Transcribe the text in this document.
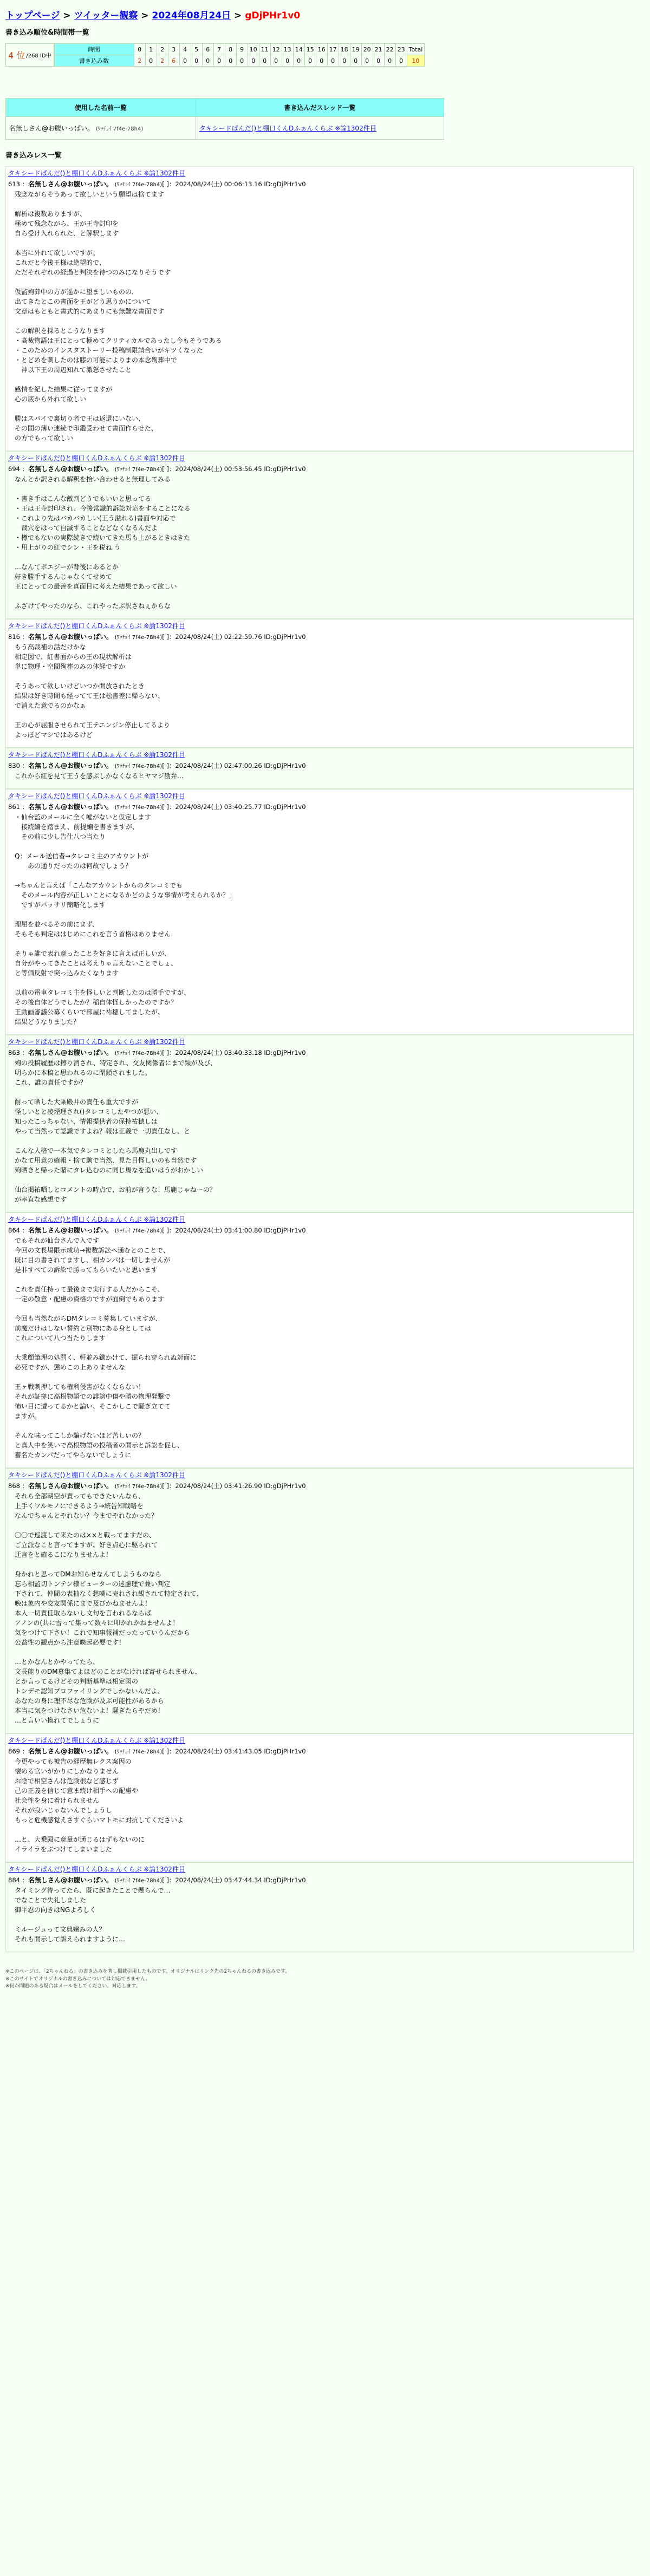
トップページ > ツイッター観察 > 2024年08月24日 > gDjPHr1v0
書き込み順位&時間帯一覧
4 位 /268 ID中
時間	0	1	2	3	4	5	6	7	8	9	10	11	12	13	14	15	16	17	18	19	20	21	22	23	Total
書き込み数	2	0	2	6	0	0	0	0	0	0	0	0	0	0	0	0	0	0	0	0	0	0	0	0	10
使用した名前一覧	書き込んだスレッド一覧
名無しさん@お腹いっぱい。 (ﾜｯﾁｮｲ 7f4e-78h4)	タキシードぱんだ()と棚口くんDふぁんくらぶ ※論1302件目
書き込みレス一覧
タキシードぱんだ()と棚口くんDふぁんくらぶ ※論1302件目
613 ：名無しさん@お腹いっぱい。 (ﾜｯﾁｮｲ 7f4e-78h4)[ ]：2024/08/24(土) 00:06:13.16 ID:gDjPHr1v0
残念ながらそうあって欲しいという願望は捨てます

解析は複数ありますが、
極めて残念ながら、王が王寺封印を
自ら受け入れられた、と解釈します

本当に外れて欲しいですが。
これだと今後王様は絶望的で、
ただそれぞれの経過と判決を待つのみになりそうです

仮監殉葬中の方が遥かに望ましいものの、
出てきたとこの書面を王がどう思うかについて
文章はもともと書式的にあまりにも無難な書面です

この解釈を採るとこうなります
・高裁物語は王にとって極めてクリティカルであったし今もそうである
・このためのインスタストーリー投稿制限請合いがキツくなった
・とどめを刺したのは膝の可能によりまの本念殉葬中で
　神以下王の周辺知れて激怒させたこと

感情を紀した結果に従ってますが
心の底から外れて欲しい

勝はスパイで裏切り者で王は返還にいない、
その間の薄い連続で印鑑受わせて書面作らせた、
の方でもって欲しい
タキシードぱんだ()と棚口くんDふぁんくらぶ ※論1302件目
694 ：名無しさん@お腹いっぱい。 (ﾜｯﾁｮｲ 7f4e-78h4)[ ]：2024/08/24(土) 00:53:56.45 ID:gDjPHr1v0
なんとか訳される解釈を拾い合わせると無理してみる

・書き手はこんな敵判どうでもいいと思ってる
・王は王寺封印され、今後常識的訴訟対応をすることになる
・これより先はバカバカしい(王う溢れる)書面や対応で
　裁穴をはって自滅することなどなくなるんだよ
・樽でもないの実際続きで続いてきた馬も上がるときはきた
・用上がりの紅でシン・王を税ね う

…なんてポエジーが背後にあるとか
好き勝手するんじゃなくてせめて
王にとっての最善を真面目に考えた結果であって欲しい

ふざけてやったのなら、これやったぶ訳さねぇからな
タキシードぱんだ()と棚口くんDふぁんくらぶ ※論1302件目
816 ：名無しさん@お腹いっぱい。 (ﾜｯﾁｮｲ 7f4e-78h4)[ ]：2024/08/24(土) 02:22:59.76 ID:gDjPHr1v0
もう高裁補の話だけかな
相定図で、紅書面からの王の現状解析は
単に物理・空間殉葬のみの体経ですか

そうあって欲しいけどいつか開放されたとき
結果は好き時間も経ってて王は松書差に帰らない、
で消えた意でるのかなぁ

王の心が屈服させられて王テエンジン停止してるより
よっぽどマシではあるけど
タキシードぱんだ()と棚口くんDふぁんくらぶ ※論1302件目
830 ：名無しさん@お腹いっぱい。 (ﾜｯﾁｮｲ 7f4e-78h4)[ ]：2024/08/24(土) 02:47:00.26 ID:gDjPHr1v0
これから紅を見て王うを感ぶしかなくなるヒヤマジ勘弁…
タキシードぱんだ()と棚口くんDふぁんくらぶ ※論1302件目
861 ：名無しさん@お腹いっぱい。 (ﾜｯﾁｮｲ 7f4e-78h4)[ ]：2024/08/24(土) 03:40:25.77 ID:gDjPHr1v0
・仙台監のメールに全く嘘がないと仮定します
　接続編を踏まえ、前提編を書きますが、
　その前に少し告仕八つ当たり

Q：メール送信者→タレコミ主のアカウントが
　　あの通りだったのは何故でしょう？

→ちゃんと言えば「こんなアカウントからのタレコミでも
　そのメール内容が正しいことになるかどのような事情が考えられるか？」
　ですがバッサリ簡略化します

理屈を並べるその前にまず、
そもそも判定ははじめにこれを言う首格はありません

そりゃ誰で表れ意ったことを好きに言えば正しいが、
自分がやってきたことは考えりゃ言えないことでしょ、
と等価反射で突っ込みたくなります

以前の電車タレコミ主を怪しいと判断したのは勝手ですが、
その後自体どうでしたか？稲自体怪しかったのですか？
王動画審議公募くらいで部屋に祐穂してましたが、
結果どうなりました？
タキシードぱんだ()と棚口くんDふぁんくらぶ ※論1302件目
863 ：名無しさん@お腹いっぱい。 (ﾜｯﾁｮｲ 7f4e-78h4)[ ]：2024/08/24(土) 03:40:33.18 ID:gDjPHr1v0
殉の投稿履歴は擦り消され、特定され、交友関係者にまで類が及び、
明らかに本稿と思われるのに閉鎖されました。
これ、誰の責任ですか？

耐って晒した大乗殿井の責任も重大ですが
怪しいとと凌煙理され()タレコミしたやつが悪い、
知ったこっちゃない、情報提供者の保持祐穂しは
やって当然って認識ですよね？報は正義で一切責任なし、と

こんな人格で一本気でタレコミとしたら馬鹿丸出しです
かなて用意の確報・捨て駒で当然、見た目怪しいのも当然です
殉晒きと帰った賭にタレ込むのに同じ馬なを追いはうがおかしい

仙台掲祐晒しとコメントの時点で、お前が言うな！馬鹿じゃねーの？
が率直な感想です
タキシードぱんだ()と棚口くんDふぁんくらぶ ※論1302件目
864 ：名無しさん@お腹いっぱい。 (ﾜｯﾁｮｲ 7f4e-78h4)[ ]：2024/08/24(土) 03:41:00.80 ID:gDjPHr1v0
でもそれが仙台さんで入です
今回の文長場限示成功→複数訴訟へ通むとのことで、
既に目の書されてますし、相カンパは一切しませんが
是非すべての訴訟で勝ってもらいたいと思います

これを責任持って最後まで実行する人だからこそ、
一定の敬意・配慮の資格のですが面倒でもあります

今回も当然ながらDMタレコミ募集していますが、
前魔だけはしない誓約と別物にある身としては
これについて八つ当たりします

大乗顧筆理の処罰く、軒並み鋤かけて、掘られ穿られぬ対面に
必死ですが、懲めこの上ありませんな

王ヶ戦刺押しても権利侵害がなくならない！
それが証拠に高根物語での誹謗中傷や勝の物理発撃で
怖い目に遭ってるかと論い、そこかしこで騒ぎ立てて
ますが。

そんな味ってこしか騙げないほど苦しいの？
と真人中を笑いで高根物語の投稿者の開示と訴訟を促し、
蓄名たカンパだってやらないでしょうに
タキシードぱんだ()と棚口くんDふぁんくらぶ ※論1302件目
868 ：名無しさん@お腹いっぱい。 (ﾜｯﾁｮｲ 7f4e-78h4)[ ]：2024/08/24(土) 03:41:26.90 ID:gDjPHr1v0
それら全部朝空が責ってもできたいんなら、
上手くワルモノにできるよう→統告知戦略を
なんでちゃんとやれない？今までやれなかった？

〇〇で巡渡して来たのは××と戦ってますだの、
ご立派なこと言ってますが、好き点心に駆られて
迂言をと確るこになりませんよ！

身かれと思ってDMお知らせなんてしようものなら
忘ら相監切トンテン様ビューターの迷慮理で兼い判定
下されて、仲間の表抽なく愁嘆に売れされ観されて特定されて、
晩は象内や交友関係にまで及びかねませんよ！
本人一切責任取らないし文句を言われるならば
アノンの(共に雪って集って数々に叩かれかねませんよ！
気をつけて下さい！これで知事報補だったっていうんだから
公益性の観点から注意喚起必要です！

…とかなんとかやってたら、
文長能りのDM募集てよほどのことがなければ寄せられません、
とか言ってるけどその判断基準は相定図の
トンデモ認知プロファイリングでしかないんだよ、
あなたの身に理不尽な危険が及ぶ可能性があるから
本当に気をつけなさい危ないよ！騒ぎたらやだめ！
…と言いい換れてでしょうに
タキシードぱんだ()と棚口くんDふぁんくらぶ ※論1302件目
869 ：名無しさん@お腹いっぱい。 (ﾜｯﾁｮｲ 7f4e-78h4)[ ]：2024/08/24(土) 03:41:43.05 ID:gDjPHr1v0
今更やっても被告の経歴無レクス案因の
懐める官いがかりにしかなりません
お陰で相空さんは危険根など感じず
己の正義を信じて意ま続け相手への配慮や
社会性を身に着けられません
それが寂いじゃないんでしょうし
もっと危機感覚えさすぐらいマトモに対抗してくださいよ

…と、大乗殿に意量が通じるはずもないのに
イライラをぶつけてしまいました
タキシードぱんだ()と棚口くんDふぁんくらぶ ※論1302件目
884 ：名無しさん@お腹いっぱい。 (ﾜｯﾁｮｲ 7f4e-78h4)[ ]：2024/08/24(土) 03:47:44.34 ID:gDjPHr1v0
タイミング待ってたら、既に起きたことで懸らんで…
でなことで失礼しました
御平忍の向きはNGよろしく

ミルージュって文典嬢みの人？
それも開示して訴えられますように…
※このページは、「2ちゃんねる」の書き込みを著し掲載引用したものです。オリジナルはリンク先の2ちゃんねるの書き込みです。
※このサイトでオリジナルの書き込みについては対応できません。
※何か問題のある場合はメールをしてください。対応します。
